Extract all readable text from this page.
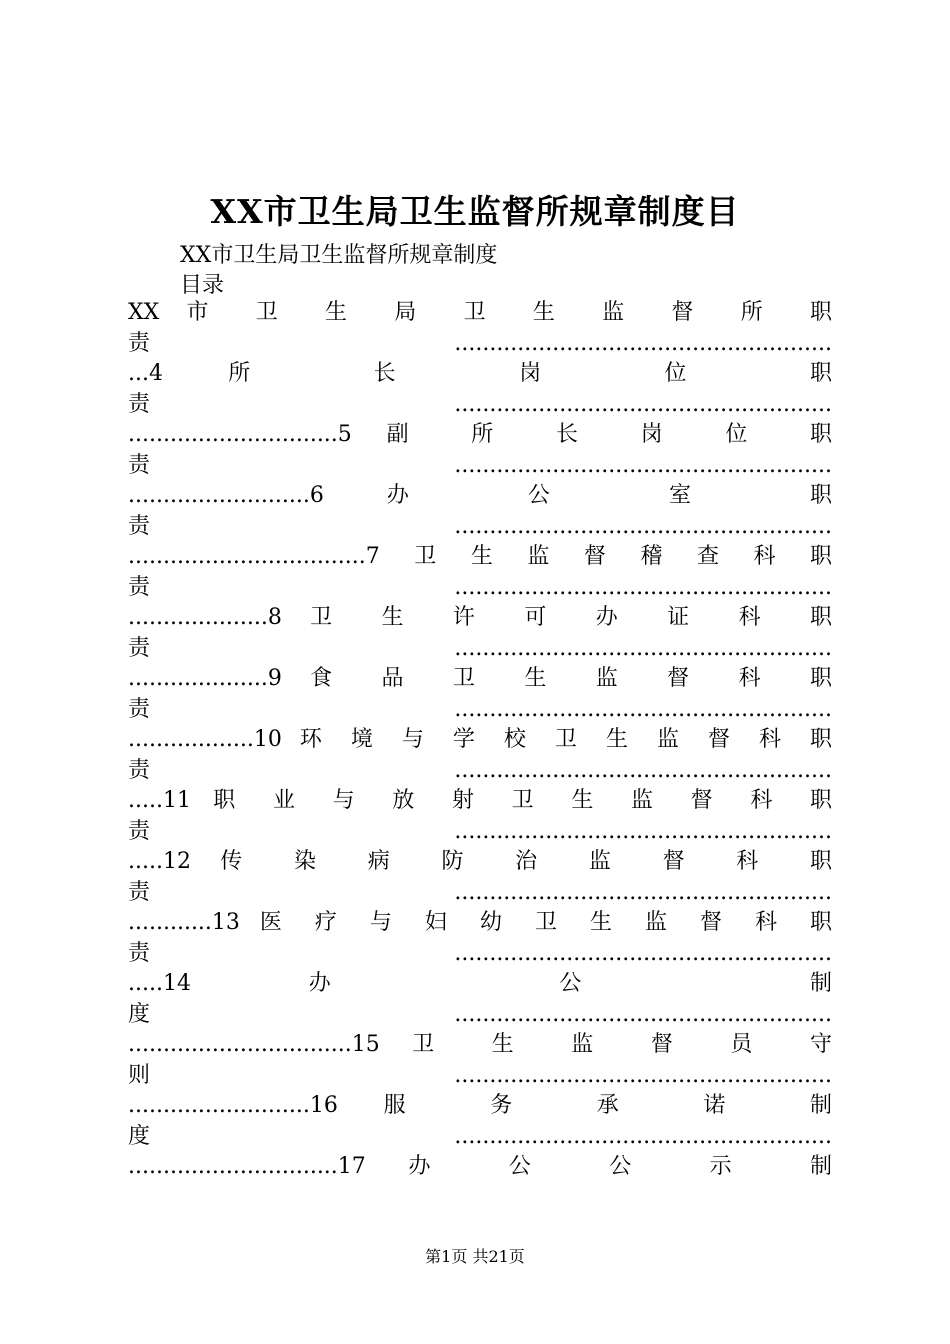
XX市卫生局卫生监督所规章制度目
XX市卫生局卫生监督所规章制度
目录
XX 市 卫 生 局 卫 生 监 督 所 职
责......................................................
...4 所 长 岗 位 职
责......................................................
..............................5 副 所 长 岗 位 职
责......................................................
..........................6 办 公 室 职
责......................................................
..................................7卫生监督稽查科职
责......................................................
....................8 卫 生 许 可 办 证 科 职
责......................................................
....................9 食 品 卫 生 监 督 科 职
责......................................................
..................10 环 境 与 学 校 卫 生 监 督 科 职
责......................................................
.....11 职 业 与 放 射 卫 生 监 督 科 职
责......................................................
.....12 传 染 病 防 治 监 督 科 职
责......................................................
............13 医 疗 与 妇 幼 卫 生 监 督 科 职
责......................................................
.....14 办 公 制
度......................................................
................................15 卫 生 监 督 员 守
则......................................................
..........................16 服 务 承 诺 制
度......................................................
..............................17 办 公 公 示 制
第1页 共21页
